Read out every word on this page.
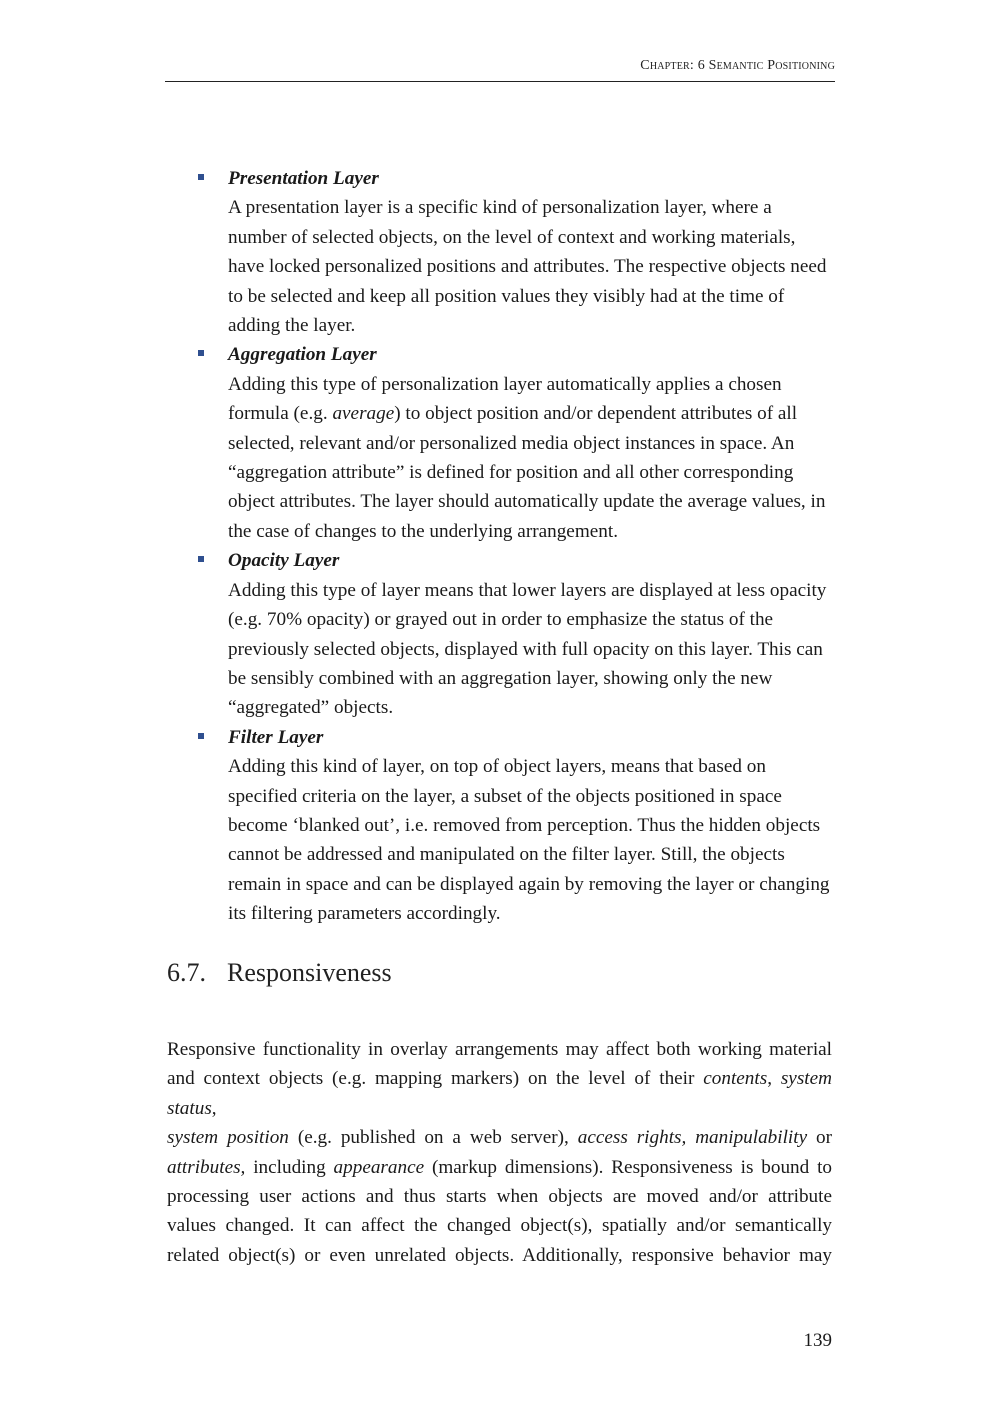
Chapter: 6 Semantic Positioning
Presentation Layer
A presentation layer is a specific kind of personalization layer, where a
number of selected objects, on the level of context and working materials,
have locked personalized positions and attributes. The respective objects need
to be selected and keep all position values they visibly had at the time of
adding the layer.
Aggregation Layer
Adding this type of personalization layer automatically applies a chosen
formula (e.g. average) to object position and/or dependent attributes of all
selected, relevant and/or personalized media object instances in space. An
“aggregation attribute” is defined for position and all other corresponding
object attributes. The layer should automatically update the average values, in
the case of changes to the underlying arrangement.
Opacity Layer
Adding this type of layer means that lower layers are displayed at less opacity
(e.g. 70% opacity) or grayed out in order to emphasize the status of the
previously selected objects, displayed with full opacity on this layer. This can
be sensibly combined with an aggregation layer, showing only the new
“aggregated” objects.
Filter Layer
Adding this kind of layer, on top of object layers, means that based on
specified criteria on the layer, a subset of the objects positioned in space
become ‘blanked out’, i.e. removed from perception. Thus the hidden objects
cannot be addressed and manipulated on the filter layer. Still, the objects
remain in space and can be displayed again by removing the layer or changing
its filtering parameters accordingly.
6.7. Responsiveness
Responsive functionality in overlay arrangements may affect both working material
and context objects (e.g. mapping markers) on the level of their contents, system status,
system position (e.g. published on a web server), access rights, manipulability or
attributes, including appearance (markup dimensions). Responsiveness is bound to
processing user actions and thus starts when objects are moved and/or attribute
values changed. It can affect the changed object(s), spatially and/or semantically
related object(s) or even unrelated objects. Additionally, responsive behavior may
139
